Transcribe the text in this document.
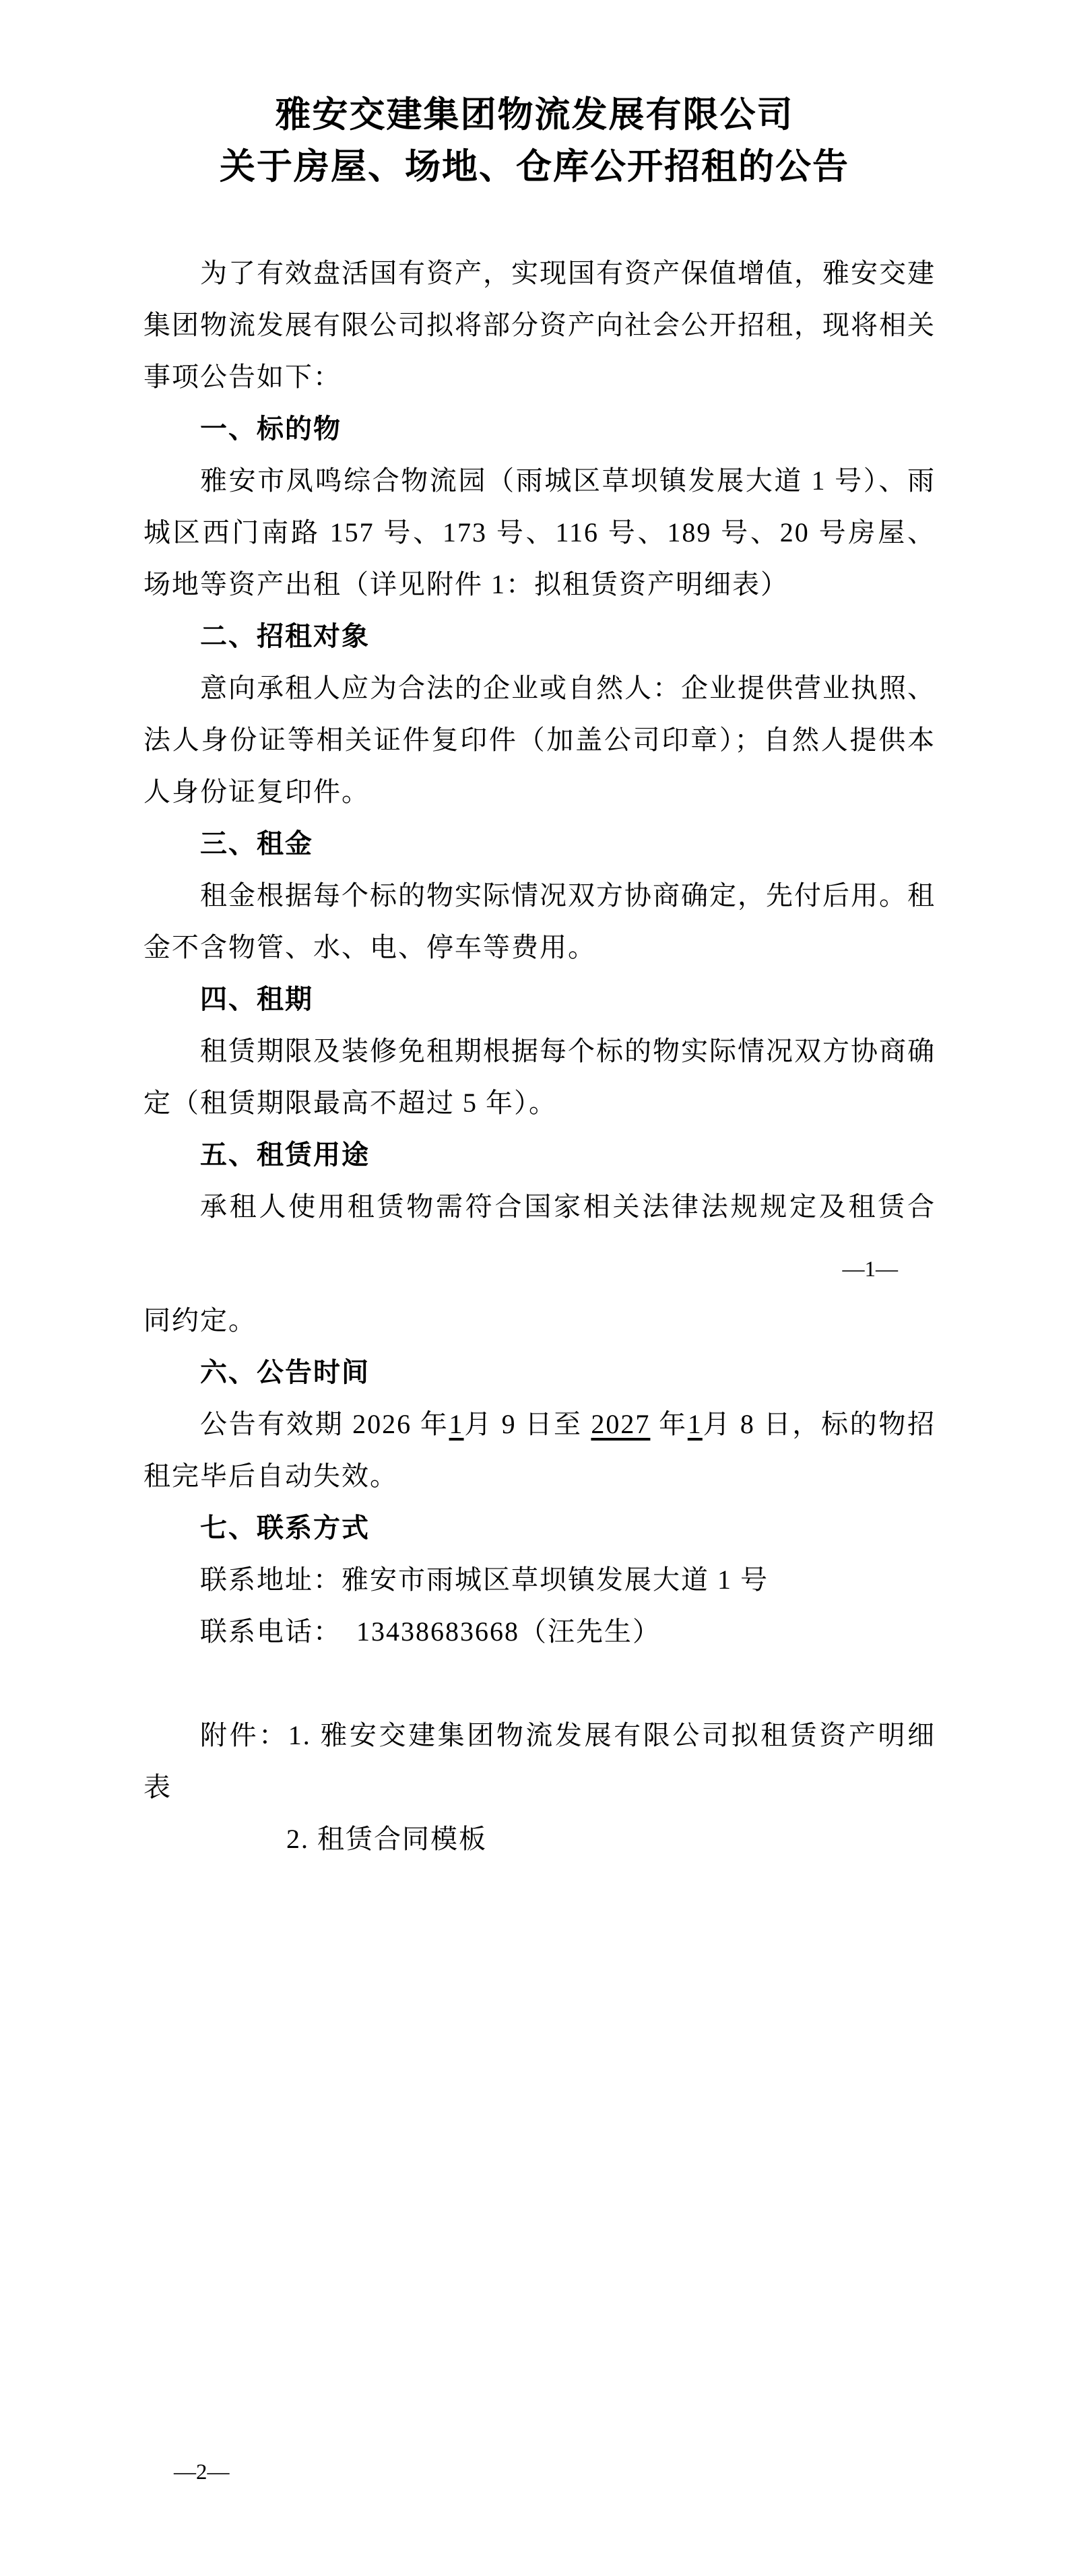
雅安交建集团物流发展有限公司
关于房屋、场地、仓库公开招租的公告

为了有效盘活国有资产，实现国有资产保值增值，雅安交建集团物流发展有限公司拟将部分资产向社会公开招租，现将相关事项公告如下：

一、标的物

雅安市凤鸣综合物流园（雨城区草坝镇发展大道 1 号）、雨城区西门南路 157 号、173 号、116 号、189 号、20 号房屋、场地等资产出租（详见附件 1：拟租赁资产明细表）

二、招租对象

意向承租人应为合法的企业或自然人：企业提供营业执照、法人身份证等相关证件复印件（加盖公司印章）；自然人提供本人身份证复印件。

三、租金

租金根据每个标的物实际情况双方协商确定，先付后用。租金不含物管、水、电、停车等费用。

四、租期

租赁期限及装修免租期根据每个标的物实际情况双方协商确定（租赁期限最高不超过 5 年）。

五、租赁用途

承租人使用租赁物需符合国家相关法律法规规定及租赁合

同约定。

六、公告时间

公告有效期 2026 年1月 9 日至 2027 年1月 8 日，标的物招租完毕后自动失效。

七、联系方式

联系地址：雅安市雨城区草坝镇发展大道 1 号

联系电话：　13438683668（汪先生）

附件：1. 雅安交建集团物流发展有限公司拟租赁资产明细表

2. 租赁合同模板

—1—
—2—
